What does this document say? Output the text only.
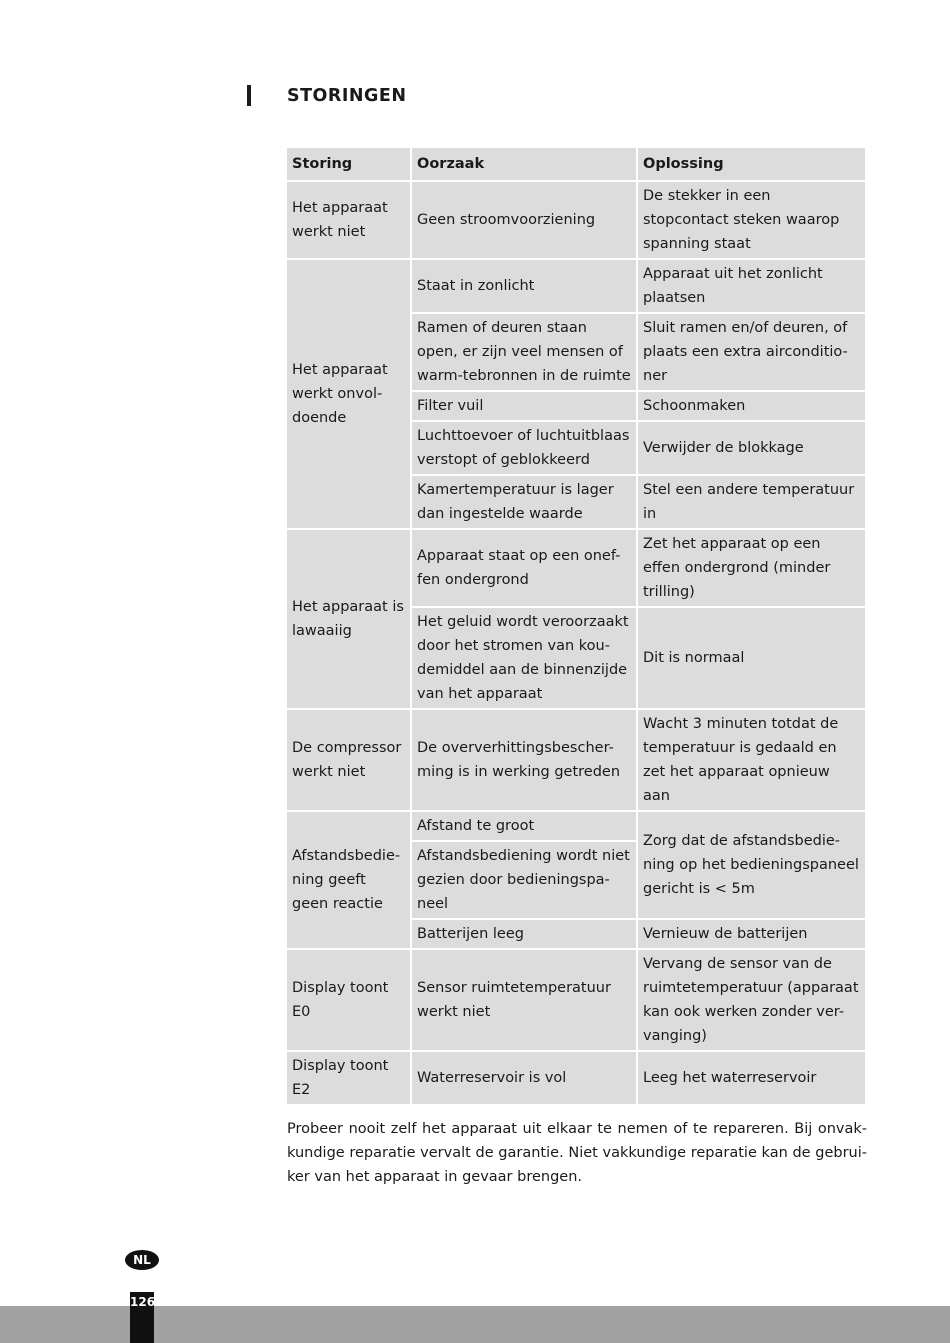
STORINGEN
Storing	Oorzaak	Oplossing
Het apparaat werkt niet	Geen stroomvoorziening	De stekker in een stopcontact steken waarop spanning staat
Het apparaat werkt onvol-doende	Staat in zonlicht	Apparaat uit het zonlicht plaatsen
	Ramen of deuren staan open, er zijn veel mensen of warm-tebronnen in de ruimte	Sluit ramen en/of deuren, of plaats een extra airconditio-ner
	Filter vuil	Schoonmaken
	Luchttoevoer of luchtuitblaas verstopt of geblokkeerd	Verwijder de blokkage
	Kamertemperatuur is lager dan ingestelde waarde	Stel een andere temperatuur in
Het apparaat is lawaaiig	Apparaat staat op een onef-fen ondergrond	Zet het apparaat op een effen ondergrond (minder trilling)
	Het geluid wordt veroorzaakt door het stromen van kou-demiddel aan de binnenzijde van het apparaat	Dit is normaal
De compressor werkt niet	De oververhittingsbescher-ming is in werking getreden	Wacht 3 minuten totdat de temperatuur is gedaald en zet het apparaat opnieuw aan
Afstandsbedie-ning geeft geen reactie	Afstand te groot	Zorg dat de afstandsbedie-ning op het bedieningspaneel gericht is < 5m
	Afstandsbediening wordt niet gezien door bedieningspa-neel	
	Batterijen leeg	Vernieuw de batterijen
Display toont E0	Sensor ruimtetemperatuur werkt niet	Vervang de sensor van de ruimtetemperatuur (apparaat kan ook werken zonder ver-vanging)
Display toont E2	Waterreservoir is vol	Leeg het waterreservoir
Probeer nooit zelf het apparaat uit elkaar te nemen of te repareren. Bij onvak-kundige reparatie vervalt de garantie. Niet vakkundige reparatie kan de gebrui-ker van het apparaat in gevaar brengen.
NL
126
